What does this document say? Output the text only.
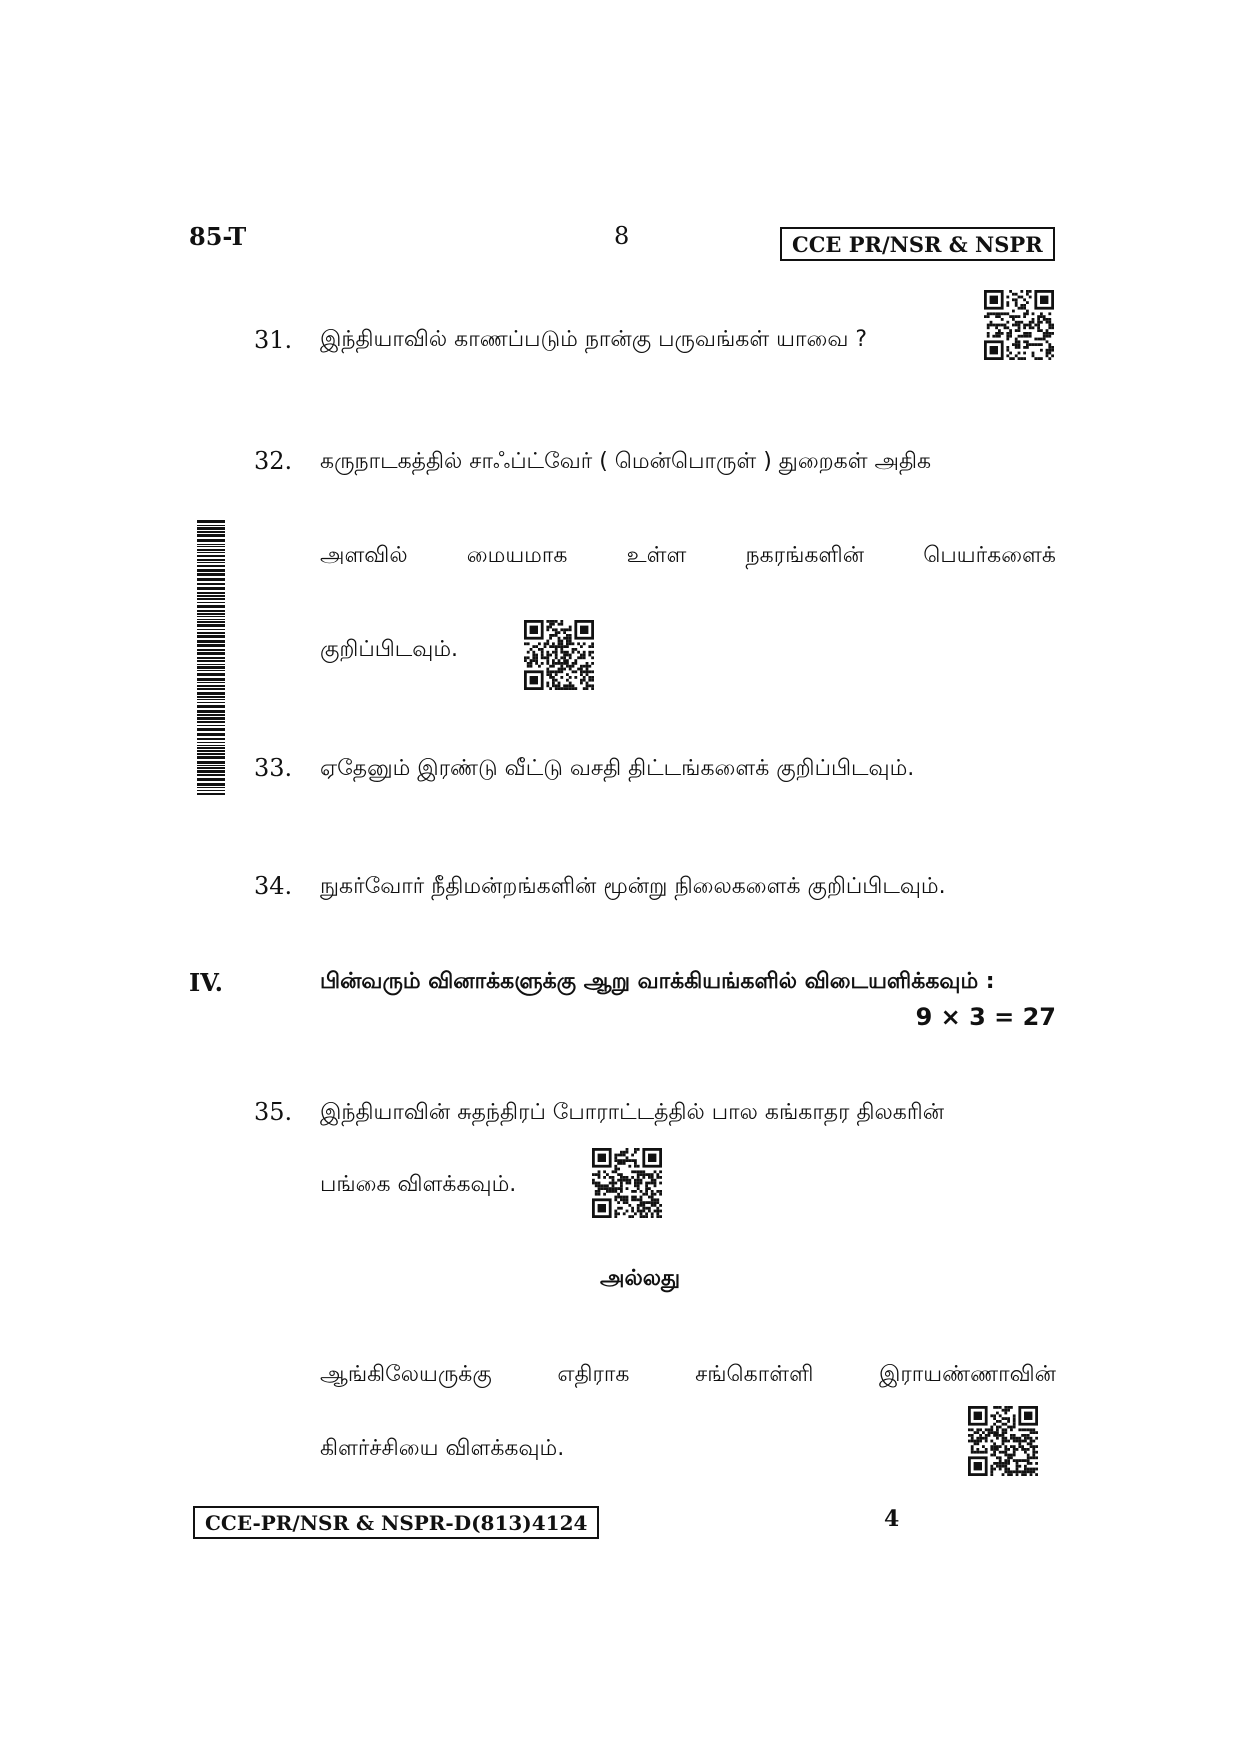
85-T	8	CCE PR/NSR & NSPR
31. இந்தியாவில் காணப்படும் நான்கு பருவங்கள் யாவை ?
32. கருநாடகத்தில் சாஃப்ட்வேர் ( மென்பொருள் ) துறைகள் அதிக
அளவில்	மையமாக	உள்ள	நகரங்களின்	பெயர்களைக்
குறிப்பிடவும்.
33. ஏதேனும் இரண்டு வீட்டு வசதி திட்டங்களைக் குறிப்பிடவும்.
34. நுகர்வோர் நீதிமன்றங்களின் மூன்று நிலைகளைக் குறிப்பிடவும்.
IV.	பின்வரும் வினாக்களுக்கு ஆறு வாக்கியங்களில் விடையளிக்கவும் :
9 × 3 = 27
35. இந்தியாவின் சுதந்திரப் போராட்டத்தில் பால கங்காதர திலகரின்
பங்கை விளக்கவும்.
அல்லது
ஆங்கிலேயருக்கு	எதிராக	சங்கொள்ளி	இராயண்ணாவின்
கிளர்ச்சியை விளக்கவும்.
CCE-PR/NSR & NSPR-D(813)4124	4
